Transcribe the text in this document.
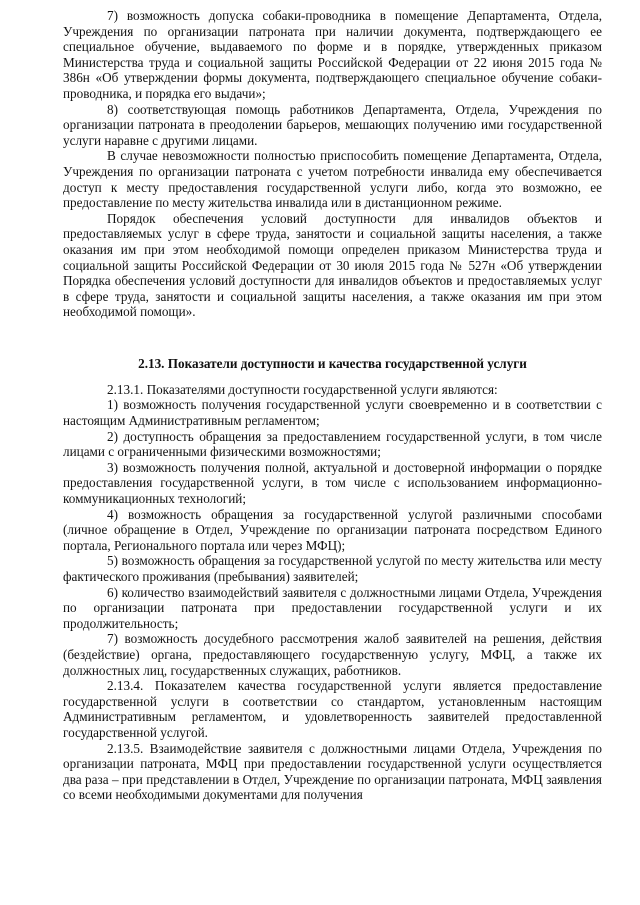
7) возможность допуска собаки-проводника в помещение Департамента, Отдела, Учреждения по организации патроната при наличии документа, подтверждающего ее специальное обучение, выдаваемого по форме и в порядке, утвержденных приказом Министерства труда и социальной защиты Российской Федерации от 22 июня 2015 года № 386н «Об утверждении формы документа, подтверждающего специальное обучение собаки-проводника, и порядка его выдачи»;

8) соответствующая помощь работников Департамента, Отдела, Учреждения по организации патроната в преодолении барьеров, мешающих получению ими государственной услуги наравне с другими лицами.

В случае невозможности полностью приспособить помещение Департамента, Отдела, Учреждения по организации патроната с учетом потребности инвалида ему обеспечивается доступ к месту предоставления государственной услуги либо, когда это возможно, ее предоставление по месту жительства инвалида или в дистанционном режиме.

Порядок обеспечения условий доступности для инвалидов объектов и предоставляемых услуг в сфере труда, занятости и социальной защиты населения, а также оказания им при этом необходимой помощи определен приказом Министерства труда и социальной защиты Российской Федерации от 30 июля 2015 года № 527н «Об утверждении Порядка обеспечения условий доступности для инвалидов объектов и предоставляемых услуг в сфере труда, занятости и социальной защиты населения, а также оказания им при этом необходимой помощи».

2.13. Показатели доступности и качества государственной услуги

2.13.1. Показателями доступности государственной услуги являются:

1) возможность получения государственной услуги своевременно и в соответствии с настоящим Административным регламентом;

2) доступность обращения за предоставлением государственной услуги, в том числе лицами с ограниченными физическими возможностями;

3) возможность получения полной, актуальной и достоверной информации о порядке предоставления государственной услуги, в том числе с использованием информационно-коммуникационных технологий;

4) возможность обращения за государственной услугой различными способами (личное обращение в Отдел, Учреждение по организации патроната посредством Единого портала, Регионального портала или через МФЦ);

5) возможность обращения за государственной услугой по месту жительства или месту фактического проживания (пребывания) заявителей;

6) количество взаимодействий заявителя с должностными лицами Отдела, Учреждения по организации патроната при предоставлении государственной услуги и их продолжительность;

7) возможность досудебного рассмотрения жалоб заявителей на решения, действия (бездействие) органа, предоставляющего государственную услугу, МФЦ, а также их должностных лиц, государственных служащих, работников.

2.13.4. Показателем качества государственной услуги является предоставление государственной услуги в соответствии со стандартом, установленным настоящим Административным регламентом, и удовлетворенность заявителей предоставленной государственной услугой.

2.13.5. Взаимодействие заявителя с должностными лицами Отдела, Учреждения по организации патроната, МФЦ при предоставлении государственной услуги осуществляется два раза – при представлении в Отдел, Учреждение по организации патроната, МФЦ заявления со всеми необходимыми документами для получения
